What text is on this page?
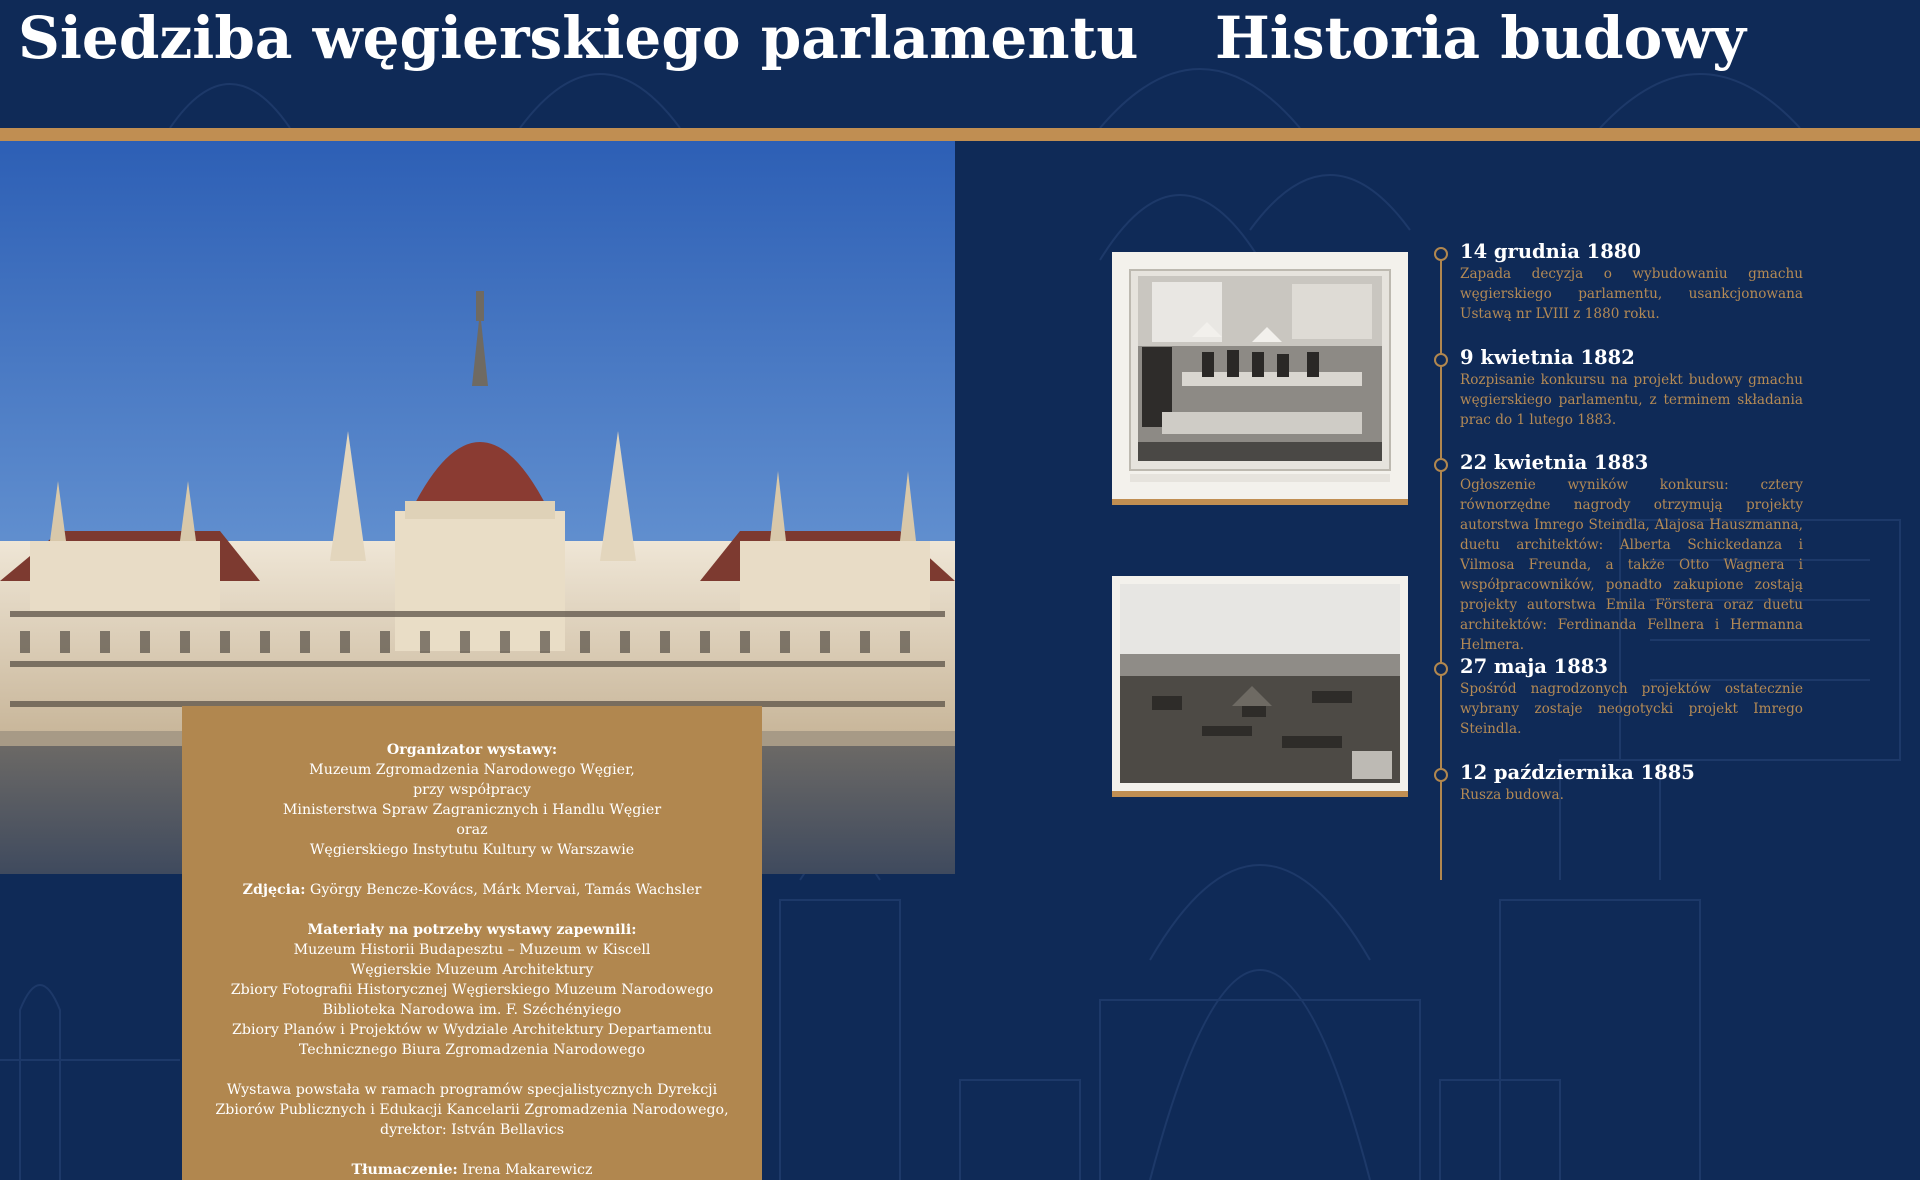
Siedziba węgierskiego parlamentu Historia budowy

Organizator wystawy:

Muzeum Zgromadzenia Narodowego Węgier,

przy współpracy

Ministerstwa Spraw Zagranicznych i Handlu Węgier

oraz

Węgierskiego Instytutu Kultury w Warszawie

Zdjęcia: György Bencze-Kovács, Márk Mervai, Tamás Wachsler

Materiały na potrzeby wystawy zapewnili:

Muzeum Historii Budapesztu – Muzeum w Kiscell

Węgierskie Muzeum Architektury

Zbiory Fotografii Historycznej Węgierskiego Muzeum Narodowego

Biblioteka Narodowa im. F. Széchényiego

Zbiory Planów i Projektów w Wydziale Architektury Departamentu

Technicznego Biura Zgromadzenia Narodowego

Wystawa powstała w ramach programów specjalistycznych Dyrekcji

Zbiorów Publicznych i Edukacji Kancelarii Zgromadzenia Narodowego,

dyrektor: István Bellavics

Tłumaczenie: Irena Makarewicz

14 grudnia 1880
Zapada decyzja o wybudowaniu gmachu węgierskiego parlamentu, usankcjonowana Ustawą nr LVIII z 1880 roku.
9 kwietnia 1882
Rozpisanie konkursu na projekt budowy gmachu węgierskiego parlamentu, z terminem składania prac do 1 lutego 1883.
22 kwietnia 1883
Ogłoszenie wyników konkursu: cztery równorzędne nagrody otrzymują projekty autorstwa Imrego Steindla, Alajosa Hauszmanna, duetu architektów: Alberta Schickedanza i Vilmosa Freunda, a także Otto Wagnera i współpracowników, ponadto zakupione zostają projekty autorstwa Emila Förstera oraz duetu architektów: Ferdinanda Fellnera i Hermanna Helmera.
27 maja 1883
Spośród nagrodzonych projektów ostatecznie wybrany zostaje neogotycki projekt Imrego Steindla.
12 października 1885
Rusza budowa.
